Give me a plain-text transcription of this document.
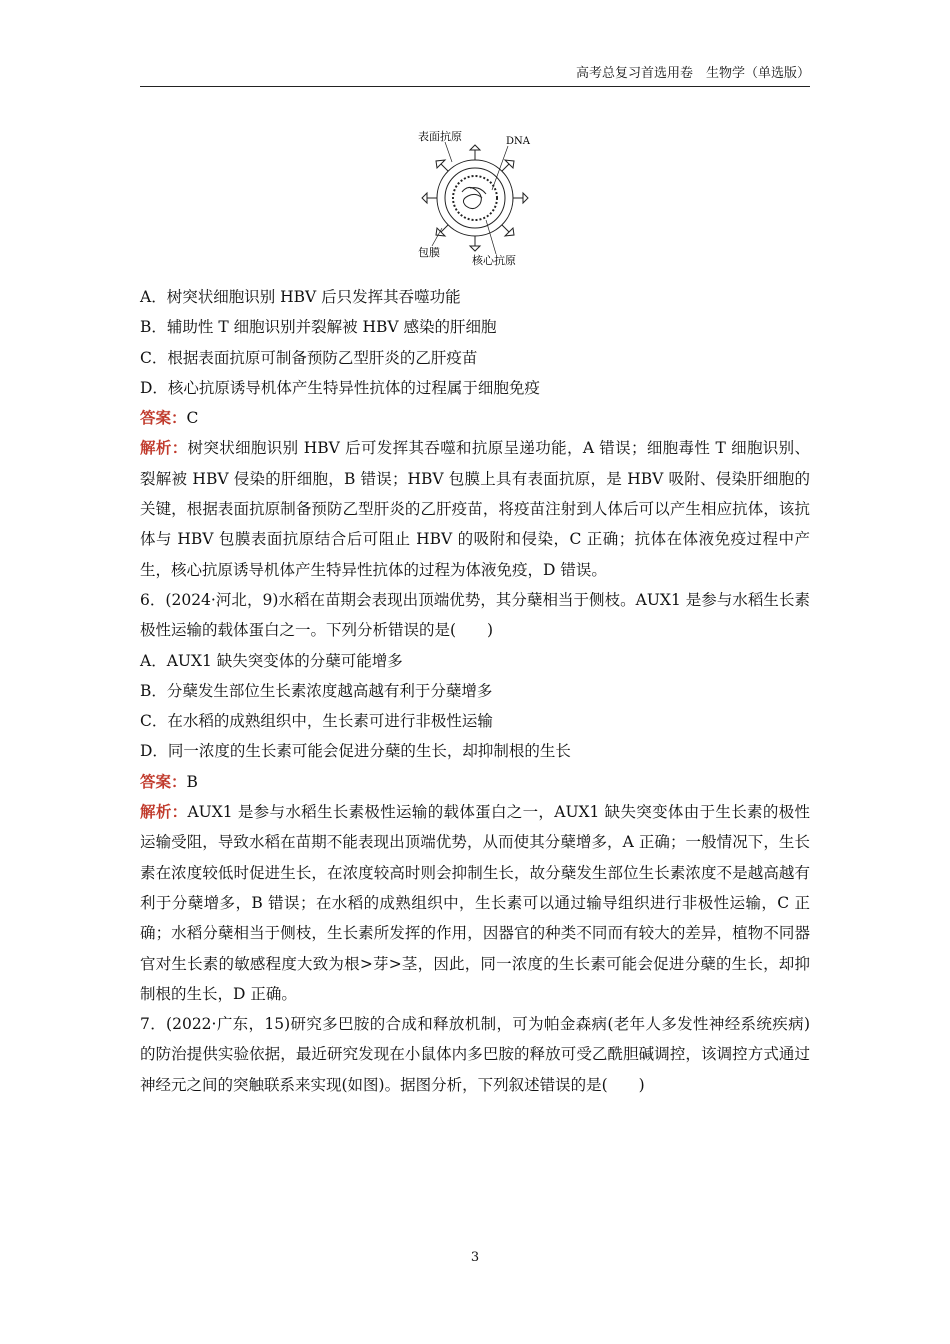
高考总复习首选用卷　生物学（单选版）
表面抗原	DNA
包膜
核心抗原

A．树突状细胞识别 HBV 后只发挥其吞噬功能

B．辅助性 T 细胞识别并裂解被 HBV 感染的肝细胞

C．根据表面抗原可制备预防乙型肝炎的乙肝疫苗

D．核心抗原诱导机体产生特异性抗体的过程属于细胞免疫

答案：C

解析：树突状细胞识别 HBV 后可发挥其吞噬和抗原呈递功能，A 错误；细胞毒性 T 细胞识别、裂解被 HBV 侵染的肝细胞，B 错误；HBV 包膜上具有表面抗原，是 HBV 吸附、侵染肝细胞的关键，根据表面抗原制备预防乙型肝炎的乙肝疫苗，将疫苗注射到人体后可以产生相应抗体，该抗体与 HBV 包膜表面抗原结合后可阻止 HBV 的吸附和侵染，C 正确；抗体在体液免疫过程中产生，核心抗原诱导机体产生特异性抗体的过程为体液免疫，D 错误。

6．(2024·河北，9)水稻在苗期会表现出顶端优势，其分蘖相当于侧枝。AUX1 是参与水稻生长素极性运输的载体蛋白之一。下列分析错误的是(　　)

A．AUX1 缺失突变体的分蘖可能增多

B．分蘖发生部位生长素浓度越高越有利于分蘖增多

C．在水稻的成熟组织中，生长素可进行非极性运输

D．同一浓度的生长素可能会促进分蘖的生长，却抑制根的生长

答案：B

解析：AUX1 是参与水稻生长素极性运输的载体蛋白之一，AUX1 缺失突变体由于生长素的极性运输受阻，导致水稻在苗期不能表现出顶端优势，从而使其分蘖增多，A 正确；一般情况下，生长素在浓度较低时促进生长，在浓度较高时则会抑制生长，故分蘖发生部位生长素浓度不是越高越有利于分蘖增多，B 错误；在水稻的成熟组织中，生长素可以通过输导组织进行非极性运输，C 正确；水稻分蘖相当于侧枝，生长素所发挥的作用，因器官的种类不同而有较大的差异，植物不同器官对生长素的敏感程度大致为根>芽>茎，因此，同一浓度的生长素可能会促进分蘖的生长，却抑制根的生长，D 正确。

7．(2022·广东，15)研究多巴胺的合成和释放机制，可为帕金森病(老年人多发性神经系统疾病)的防治提供实验依据，最近研究发现在小鼠体内多巴胺的释放可受乙酰胆碱调控，该调控方式通过神经元之间的突触联系来实现(如图)。据图分析，下列叙述错误的是(　　)

3
